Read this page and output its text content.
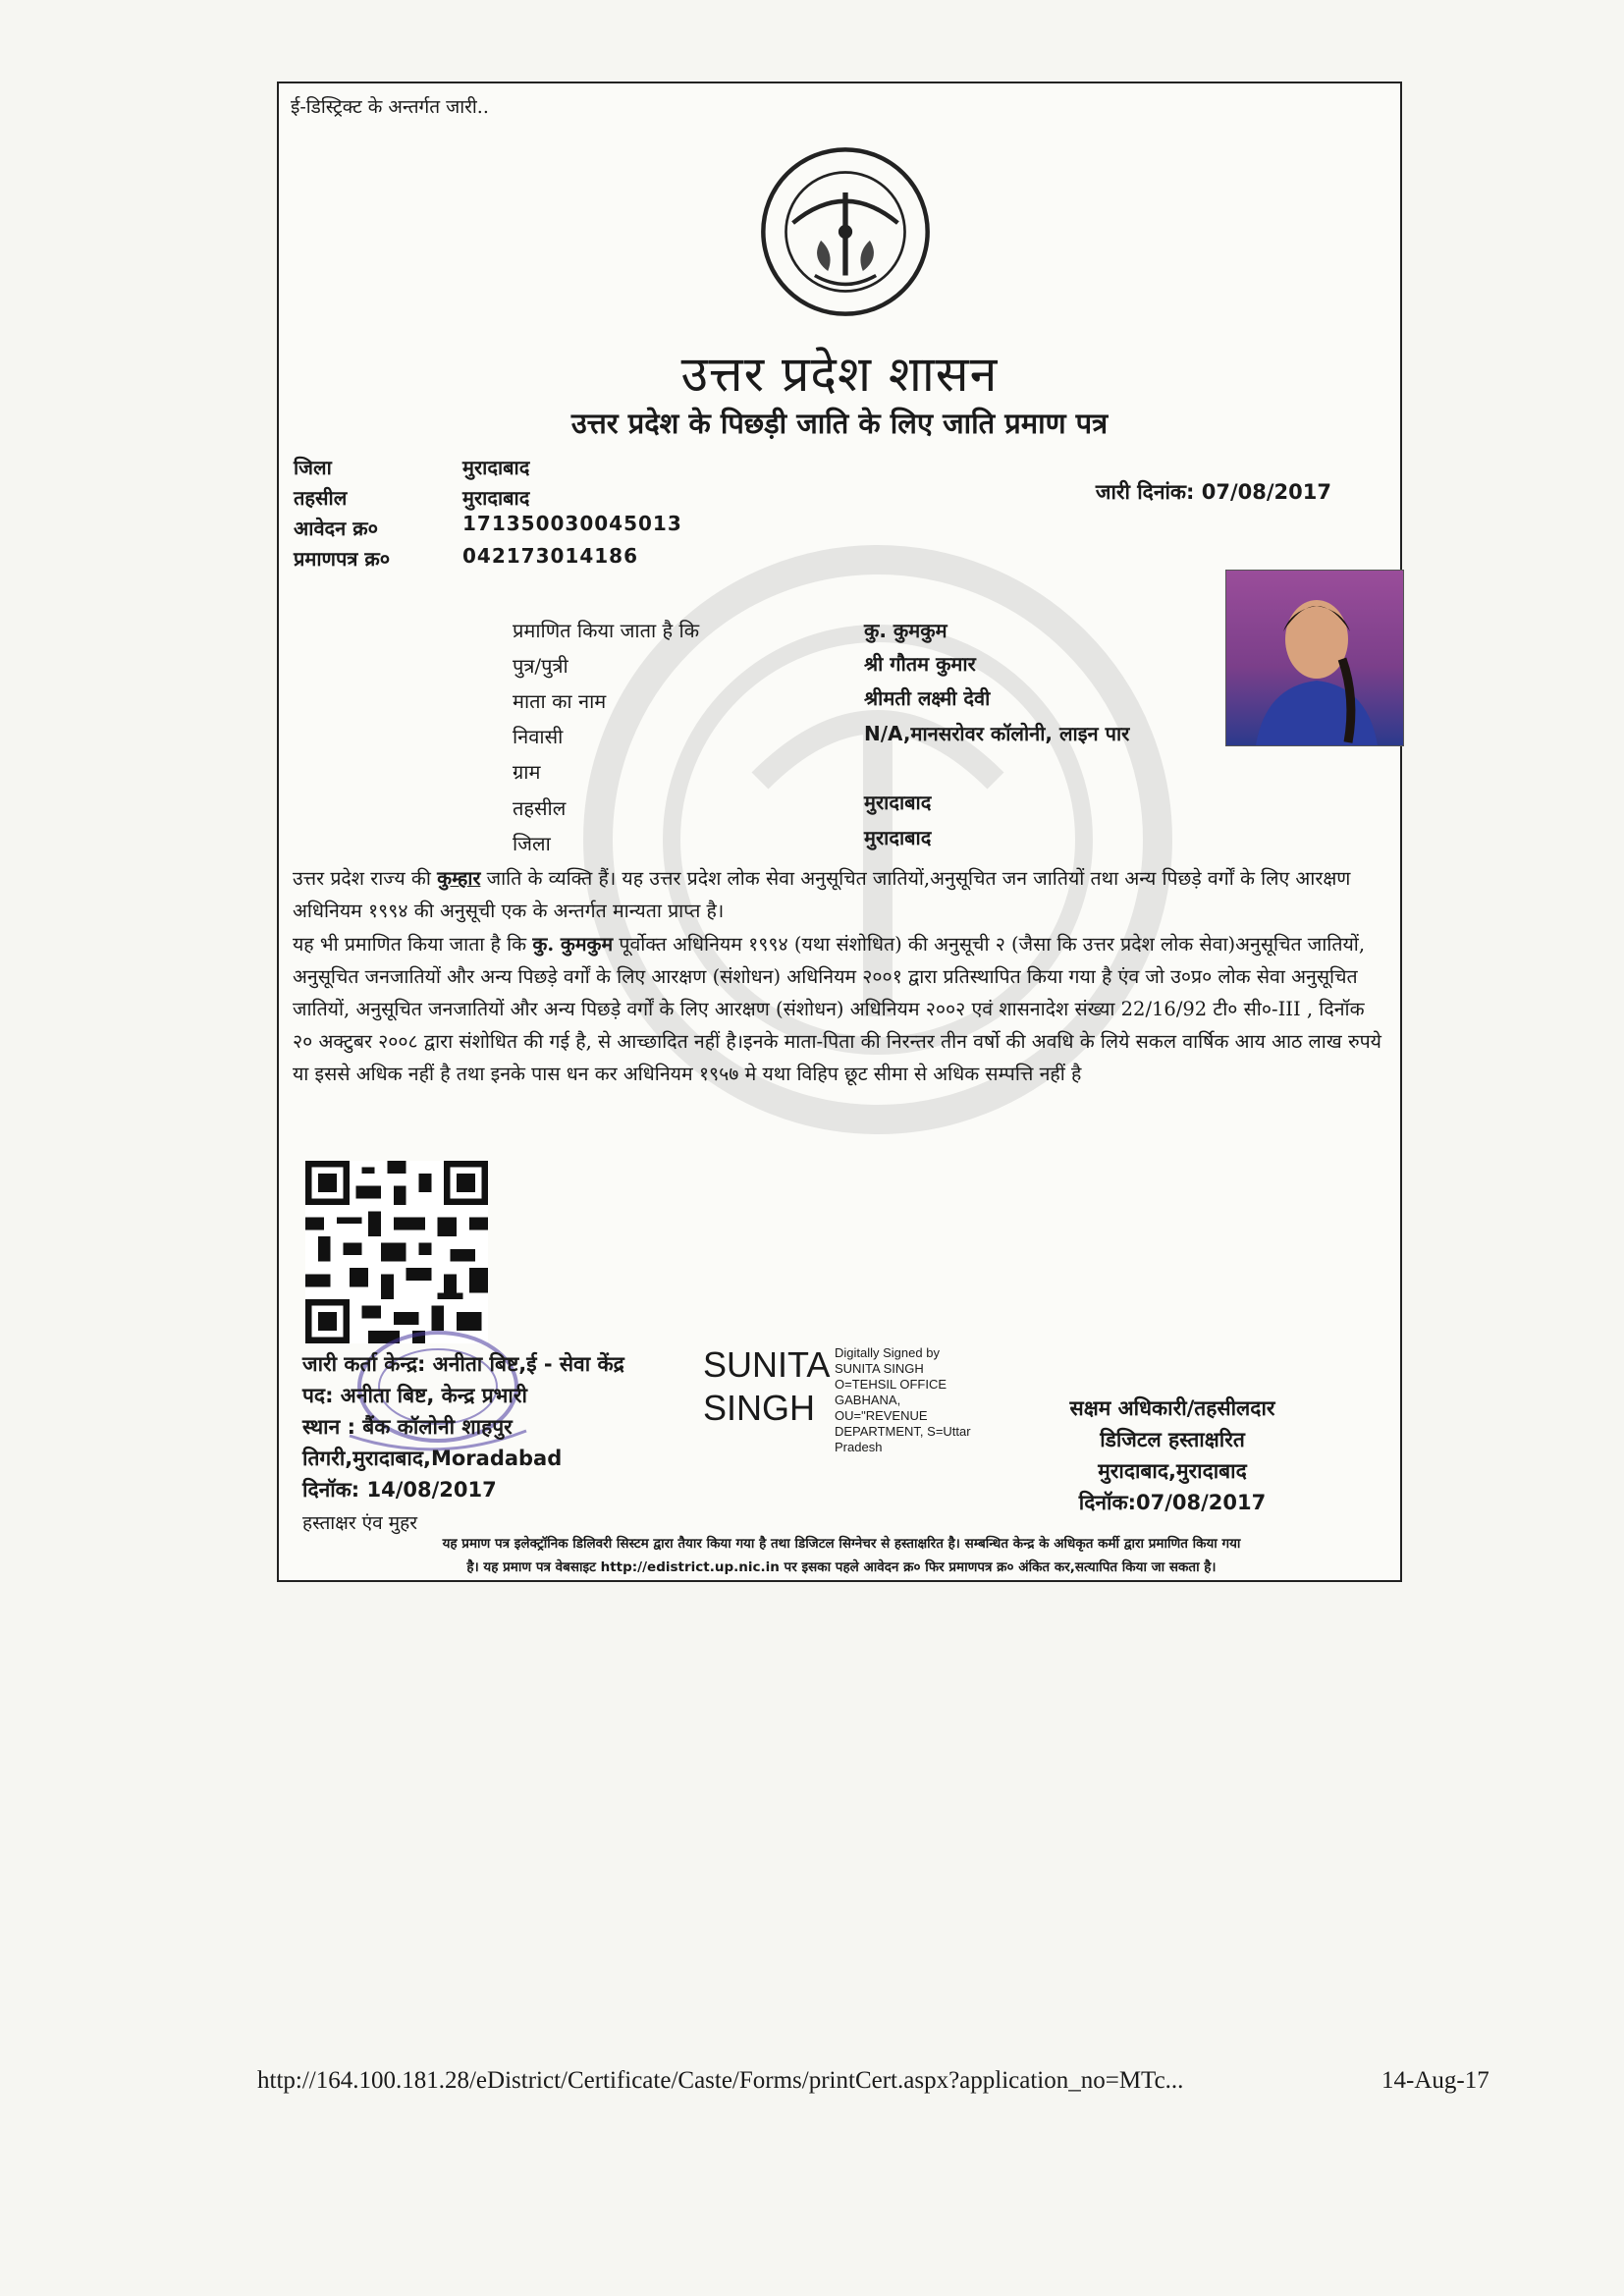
ई-डिस्ट्रिक्ट के अन्तर्गत जारी..
उत्तर प्रदेश शासन
उत्तर प्रदेश के पिछड़ी जाति के लिए जाति प्रमाण पत्र
जिला	मुरादाबाद
तहसील	मुरादाबाद
आवेदन क्र०	171350030045013
प्रमाणपत्र क्र०	042173014186
जारी दिनांक: 07/08/2017
प्रमाणित किया जाता है कि	कु. कुमकुम
पुत्र/पुत्री	श्री गौतम कुमार
माता का नाम	श्रीमती लक्ष्मी देवी
निवासी	N/A,मानसरोवर कॉलोनी, लाइन पार
ग्राम
तहसील	मुरादाबाद
जिला	मुरादाबाद
उत्तर प्रदेश राज्य की कुम्हार जाति के व्यक्ति हैं। यह उत्तर प्रदेश लोक सेवा अनुसूचित जातियों,अनुसूचित जन जातियों तथा अन्य पिछड़े वर्गों के लिए आरक्षण अधिनियम १९९४ की अनुसूची एक के अन्तर्गत मान्यता प्राप्त है।
यह भी प्रमाणित किया जाता है कि कु. कुमकुम पूर्वोक्त अधिनियम १९९४ (यथा संशोधित) की अनुसूची २ (जैसा कि उत्तर प्रदेश लोक सेवा)अनुसूचित जातियों, अनुसूचित जनजातियों और अन्य पिछड़े वर्गों के लिए आरक्षण (संशोधन) अधिनियम २००१ द्वारा प्रतिस्थापित किया गया है एंव जो उ०प्र० लोक सेवा अनुसूचित जातियों, अनुसूचित जनजातियों और अन्य पिछड़े वर्गों के लिए आरक्षण (संशोधन) अधिनियम २००२ एवं शासनादेश संख्या 22/16/92 टी० सी०-III , दिनॉक २० अक्टुबर २००८ द्वारा संशोधित की गई है, से आच्छादित नहीं है।इनके माता-पिता की निरन्तर तीन वर्षो की अवधि के लिये सकल वार्षिक आय आठ लाख रुपये या इससे अधिक नहीं है तथा इनके पास धन कर अधिनियम १९५७ मे यथा विहिप छूट सीमा से अधिक सम्पत्ति नहीं है
जारी कर्ता केन्द्र: अनीता बिष्ट,ई - सेवा केंद्र
पद: अनीता बिष्ट, केन्द्र प्रभारी
स्थान : बैंक कॉलोनी शाहपुर
तिगरी,मुरादाबाद,Moradabad
दिनॉक: 14/08/2017
हस्ताक्षर एंव मुहर
SUNITA
SINGH
Digitally Signed by
SUNITA SINGH
O=TEHSIL OFFICE
GABHANA,
OU="REVENUE
DEPARTMENT, S=Uttar
Pradesh
सक्षम अधिकारी/तहसीलदार
डिजिटल हस्ताक्षरित
मुरादाबाद,मुरादाबाद
दिनॉक:07/08/2017
यह प्रमाण पत्र इलेक्ट्रॉनिक डिलिवरी सिस्टम द्वारा तैयार किया गया है तथा डिजिटल सिग्नेचर से हस्ताक्षरित है। सम्बन्धित केन्द्र के अधिकृत कर्मी द्वारा प्रमाणित किया गया
है। यह प्रमाण पत्र वेबसाइट http://edistrict.up.nic.in पर इसका पहले आवेदन क्र० फिर प्रमाणपत्र क्र० अंकित कर,सत्यापित किया जा सकता है।
http://164.100.181.28/eDistrict/Certificate/Caste/Forms/printCert.aspx?application_no=MTc...	14-Aug-17
